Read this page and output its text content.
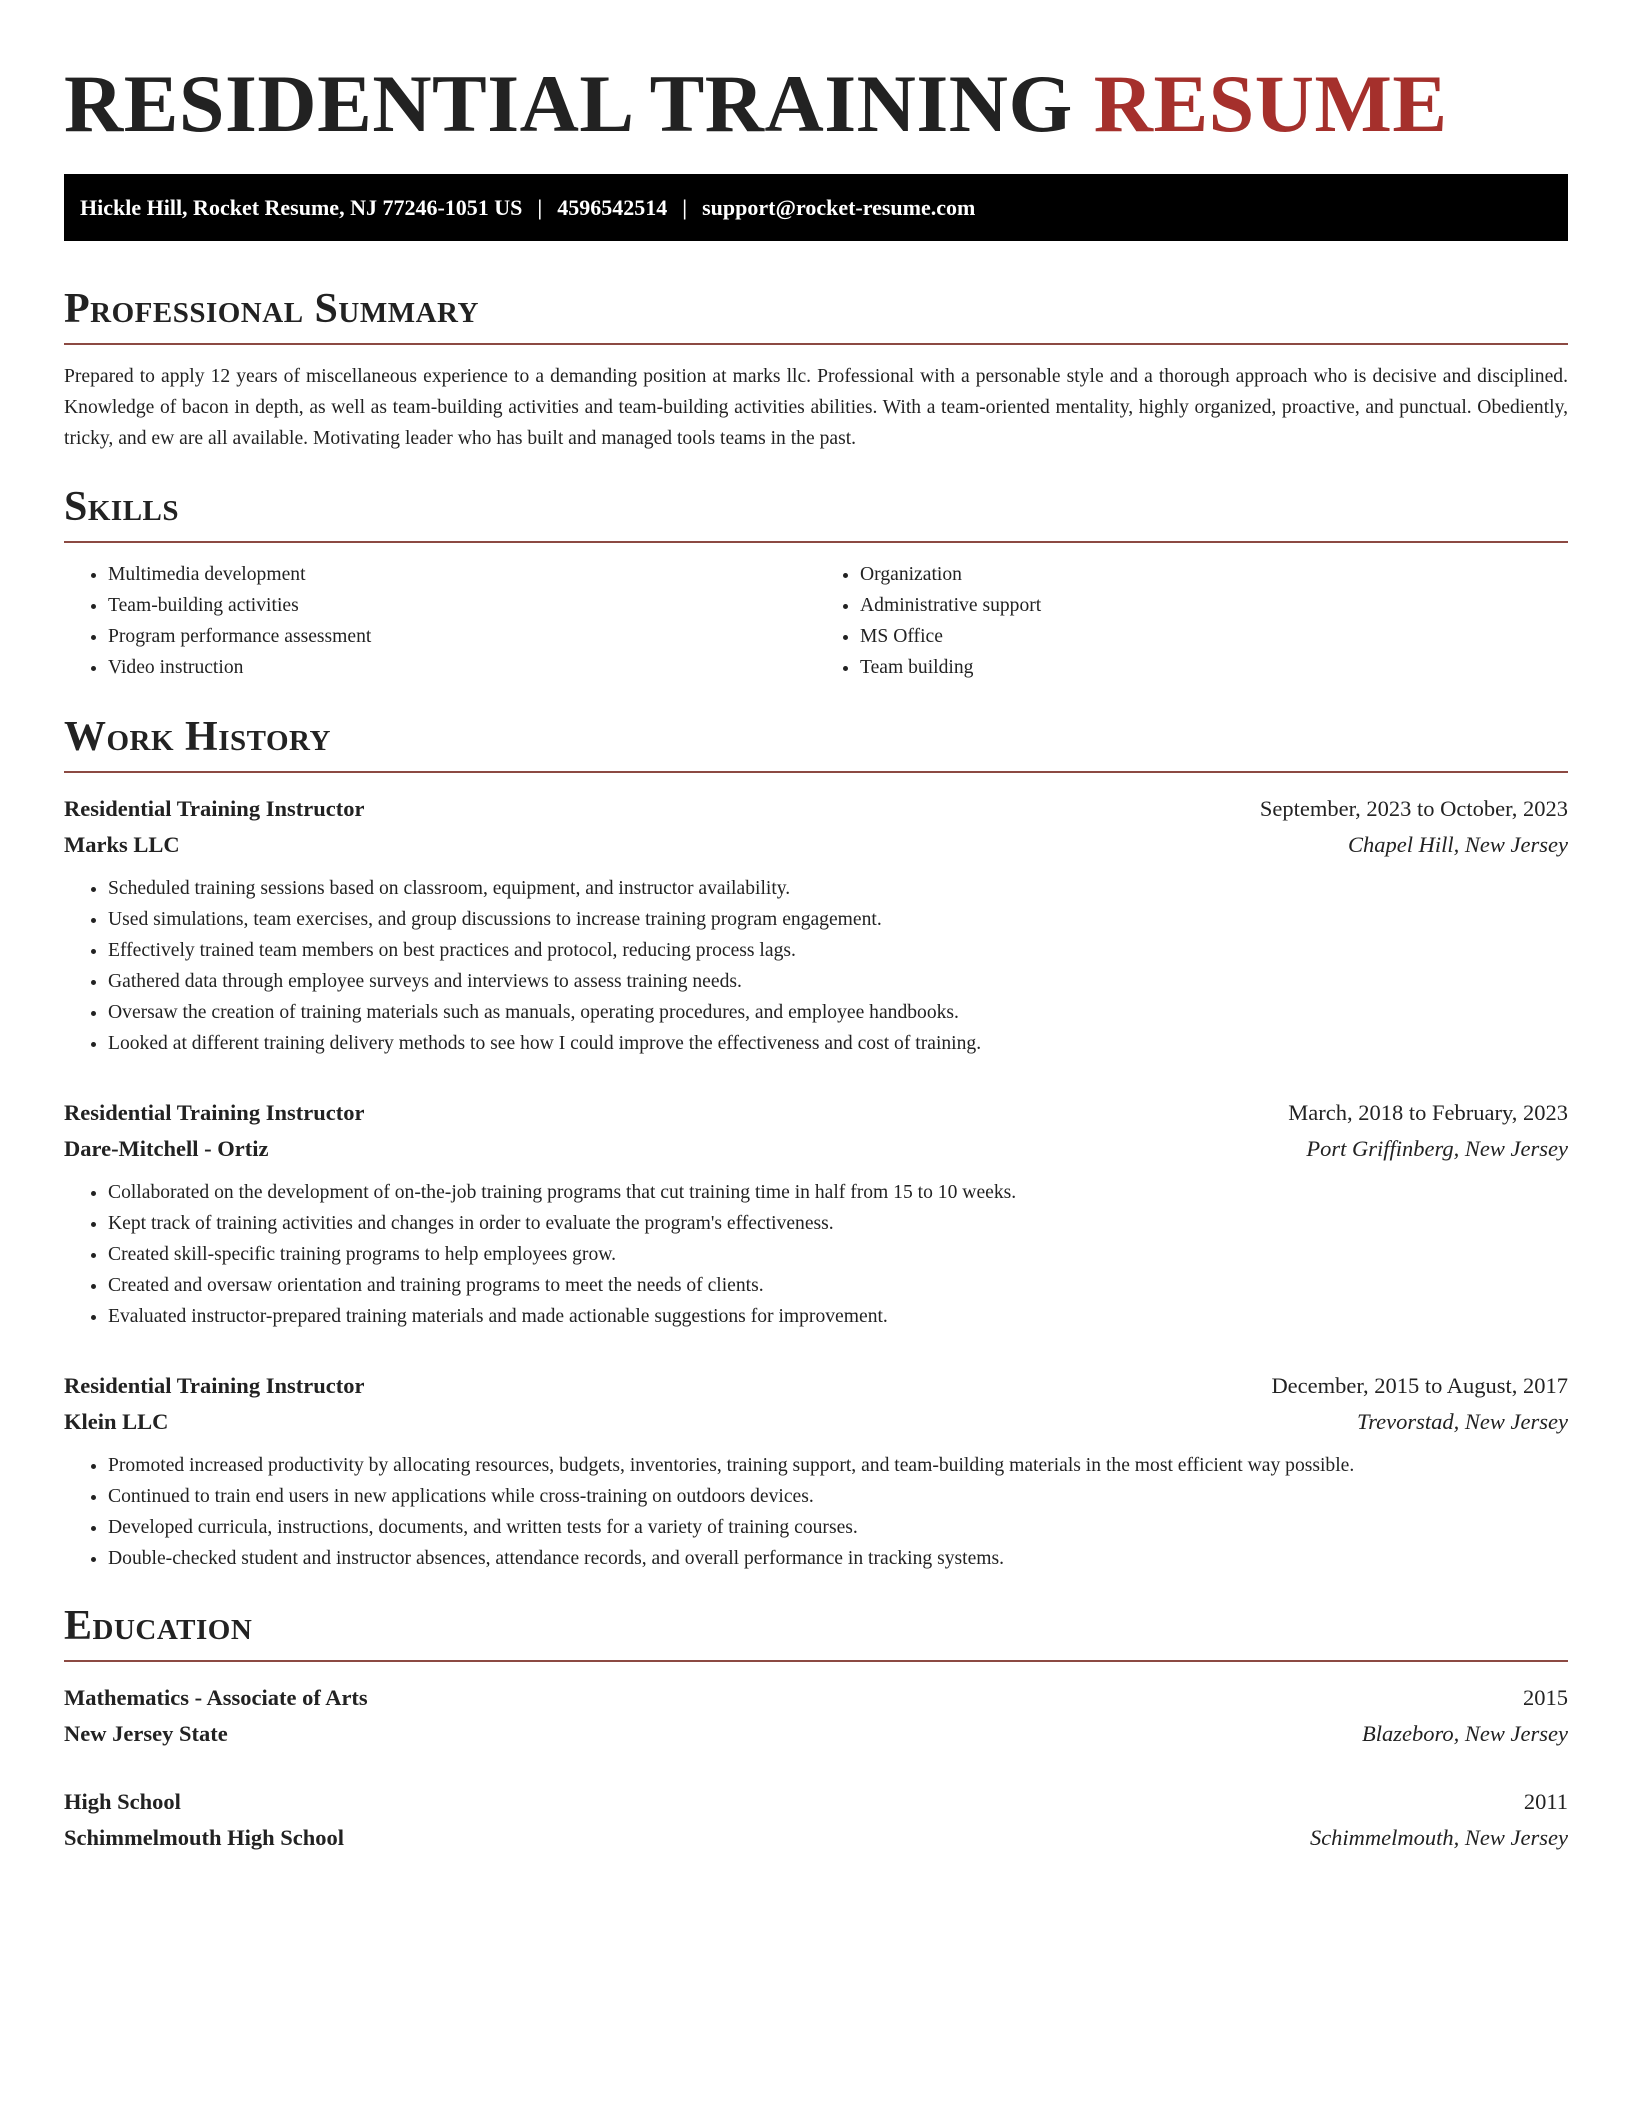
RESIDENTIAL TRAINING RESUME
Hickle Hill, Rocket Resume, NJ 77246-1051 US | 4596542514 | support@rocket-resume.com
Professional Summary

Prepared to apply 12 years of miscellaneous experience to a demanding position at marks llc. Professional with a personable style and a thorough approach who is decisive and disciplined. Knowledge of bacon in depth, as well as team-building activities and team-building activities abilities. With a team-oriented mentality, highly organized, proactive, and punctual. Obediently, tricky, and ew are all available. Motivating leader who has built and managed tools teams in the past.

Skills
• Multimedia development
• Team-building activities
• Program performance assessment
• Video instruction
• Organization
• Administrative support
• MS Office
• Team building
Work History
Residential Training Instructor	September, 2023 to October, 2023
Marks LLC	Chapel Hill, New Jersey
• Scheduled training sessions based on classroom, equipment, and instructor availability.
• Used simulations, team exercises, and group discussions to increase training program engagement.
• Effectively trained team members on best practices and protocol, reducing process lags.
• Gathered data through employee surveys and interviews to assess training needs.
• Oversaw the creation of training materials such as manuals, operating procedures, and employee handbooks.
• Looked at different training delivery methods to see how I could improve the effectiveness and cost of training.
Residential Training Instructor	March, 2018 to February, 2023
Dare-Mitchell - Ortiz	Port Griffinberg, New Jersey
• Collaborated on the development of on-the-job training programs that cut training time in half from 15 to 10 weeks.
• Kept track of training activities and changes in order to evaluate the program's effectiveness.
• Created skill-specific training programs to help employees grow.
• Created and oversaw orientation and training programs to meet the needs of clients.
• Evaluated instructor-prepared training materials and made actionable suggestions for improvement.
Residential Training Instructor	December, 2015 to August, 2017
Klein LLC	Trevorstad, New Jersey
• Promoted increased productivity by allocating resources, budgets, inventories, training support, and team-building materials in the most efficient way possible.
• Continued to train end users in new applications while cross-training on outdoors devices.
• Developed curricula, instructions, documents, and written tests for a variety of training courses.
• Double-checked student and instructor absences, attendance records, and overall performance in tracking systems.
Education
Mathematics - Associate of Arts	2015
New Jersey State	Blazeboro, New Jersey
High School	2011
Schimmelmouth High School	Schimmelmouth, New Jersey
